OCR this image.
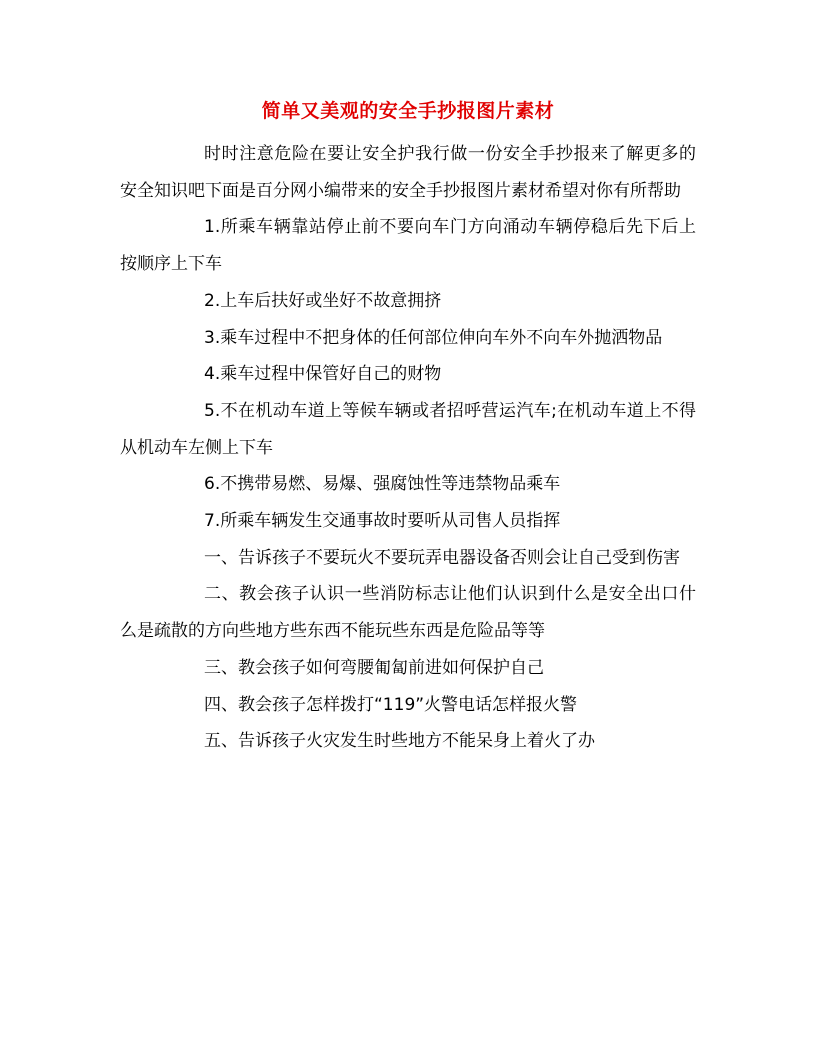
简单又美观的安全手抄报图片素材

时时注意危险在要让安全护我行做一份安全手抄报来了解更多的安全知识吧下面是百分网小编带来的安全手抄报图片素材希望对你有所帮助

1.所乘车辆靠站停止前不要向车门方向涌动车辆停稳后先下后上按顺序上下车

2.上车后扶好或坐好不故意拥挤

3.乘车过程中不把身体的任何部位伸向车外不向车外抛洒物品

4.乘车过程中保管好自己的财物

5.不在机动车道上等候车辆或者招呼营运汽车;在机动车道上不得从机动车左侧上下车

6.不携带易燃、易爆、强腐蚀性等违禁物品乘车

7.所乘车辆发生交通事故时要听从司售人员指挥

一、告诉孩子不要玩火不要玩弄电器设备否则会让自己受到伤害

二、教会孩子认识一些消防标志让他们认识到什么是安全出口什么是疏散的方向些地方些东西不能玩些东西是危险品等等

三、教会孩子如何弯腰匍匐前进如何保护自己

四、教会孩子怎样拨打“119”火警电话怎样报火警

五、告诉孩子火灾发生时些地方不能呆身上着火了办
